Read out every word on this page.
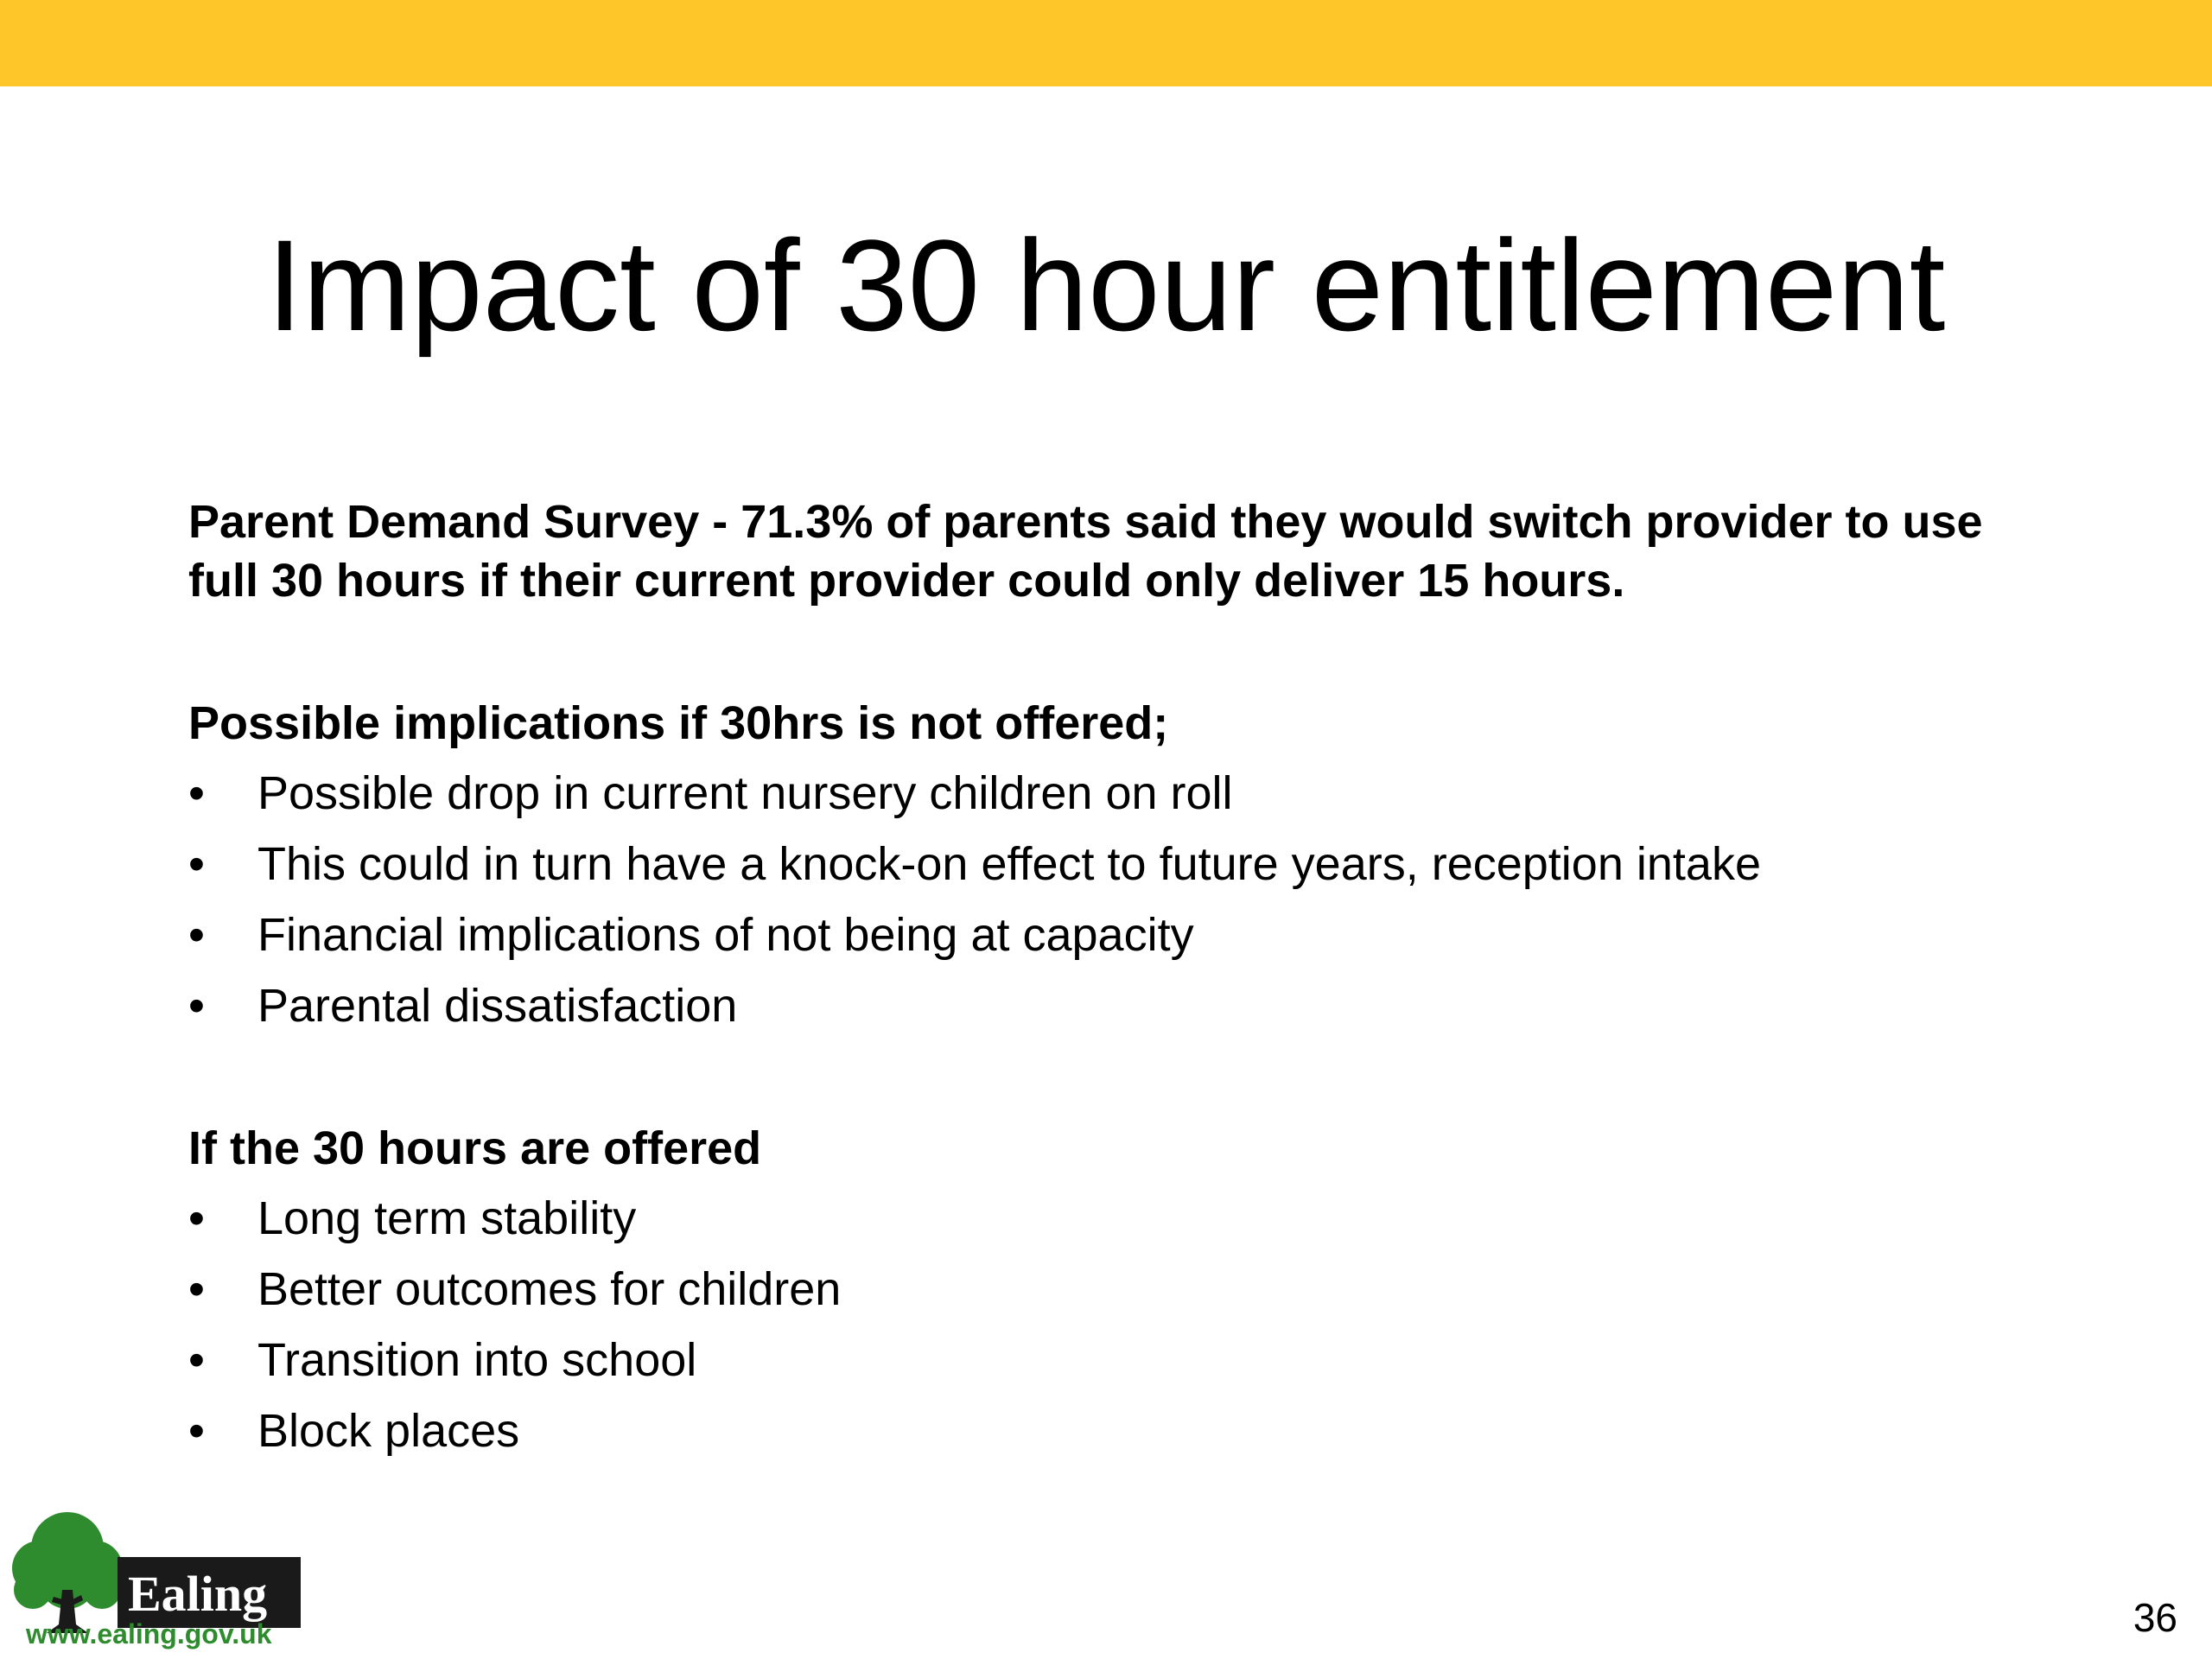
Impact of 30 hour entitlement

Parent Demand Survey - 71.3% of parents said they would switch provider to use full 30 hours if their current provider could only deliver 15 hours.

Possible implications if 30hrs is not offered;

• Possible drop in current nursery children on roll
• This could in turn have a knock-on effect to future years, reception intake
• Financial implications of not being at capacity
• Parental dissatisfaction

If the 30 hours are offered

• Long term stability
• Better outcomes for children
• Transition into school
• Block places
Ealing

www.ealing.gov.uk	36
